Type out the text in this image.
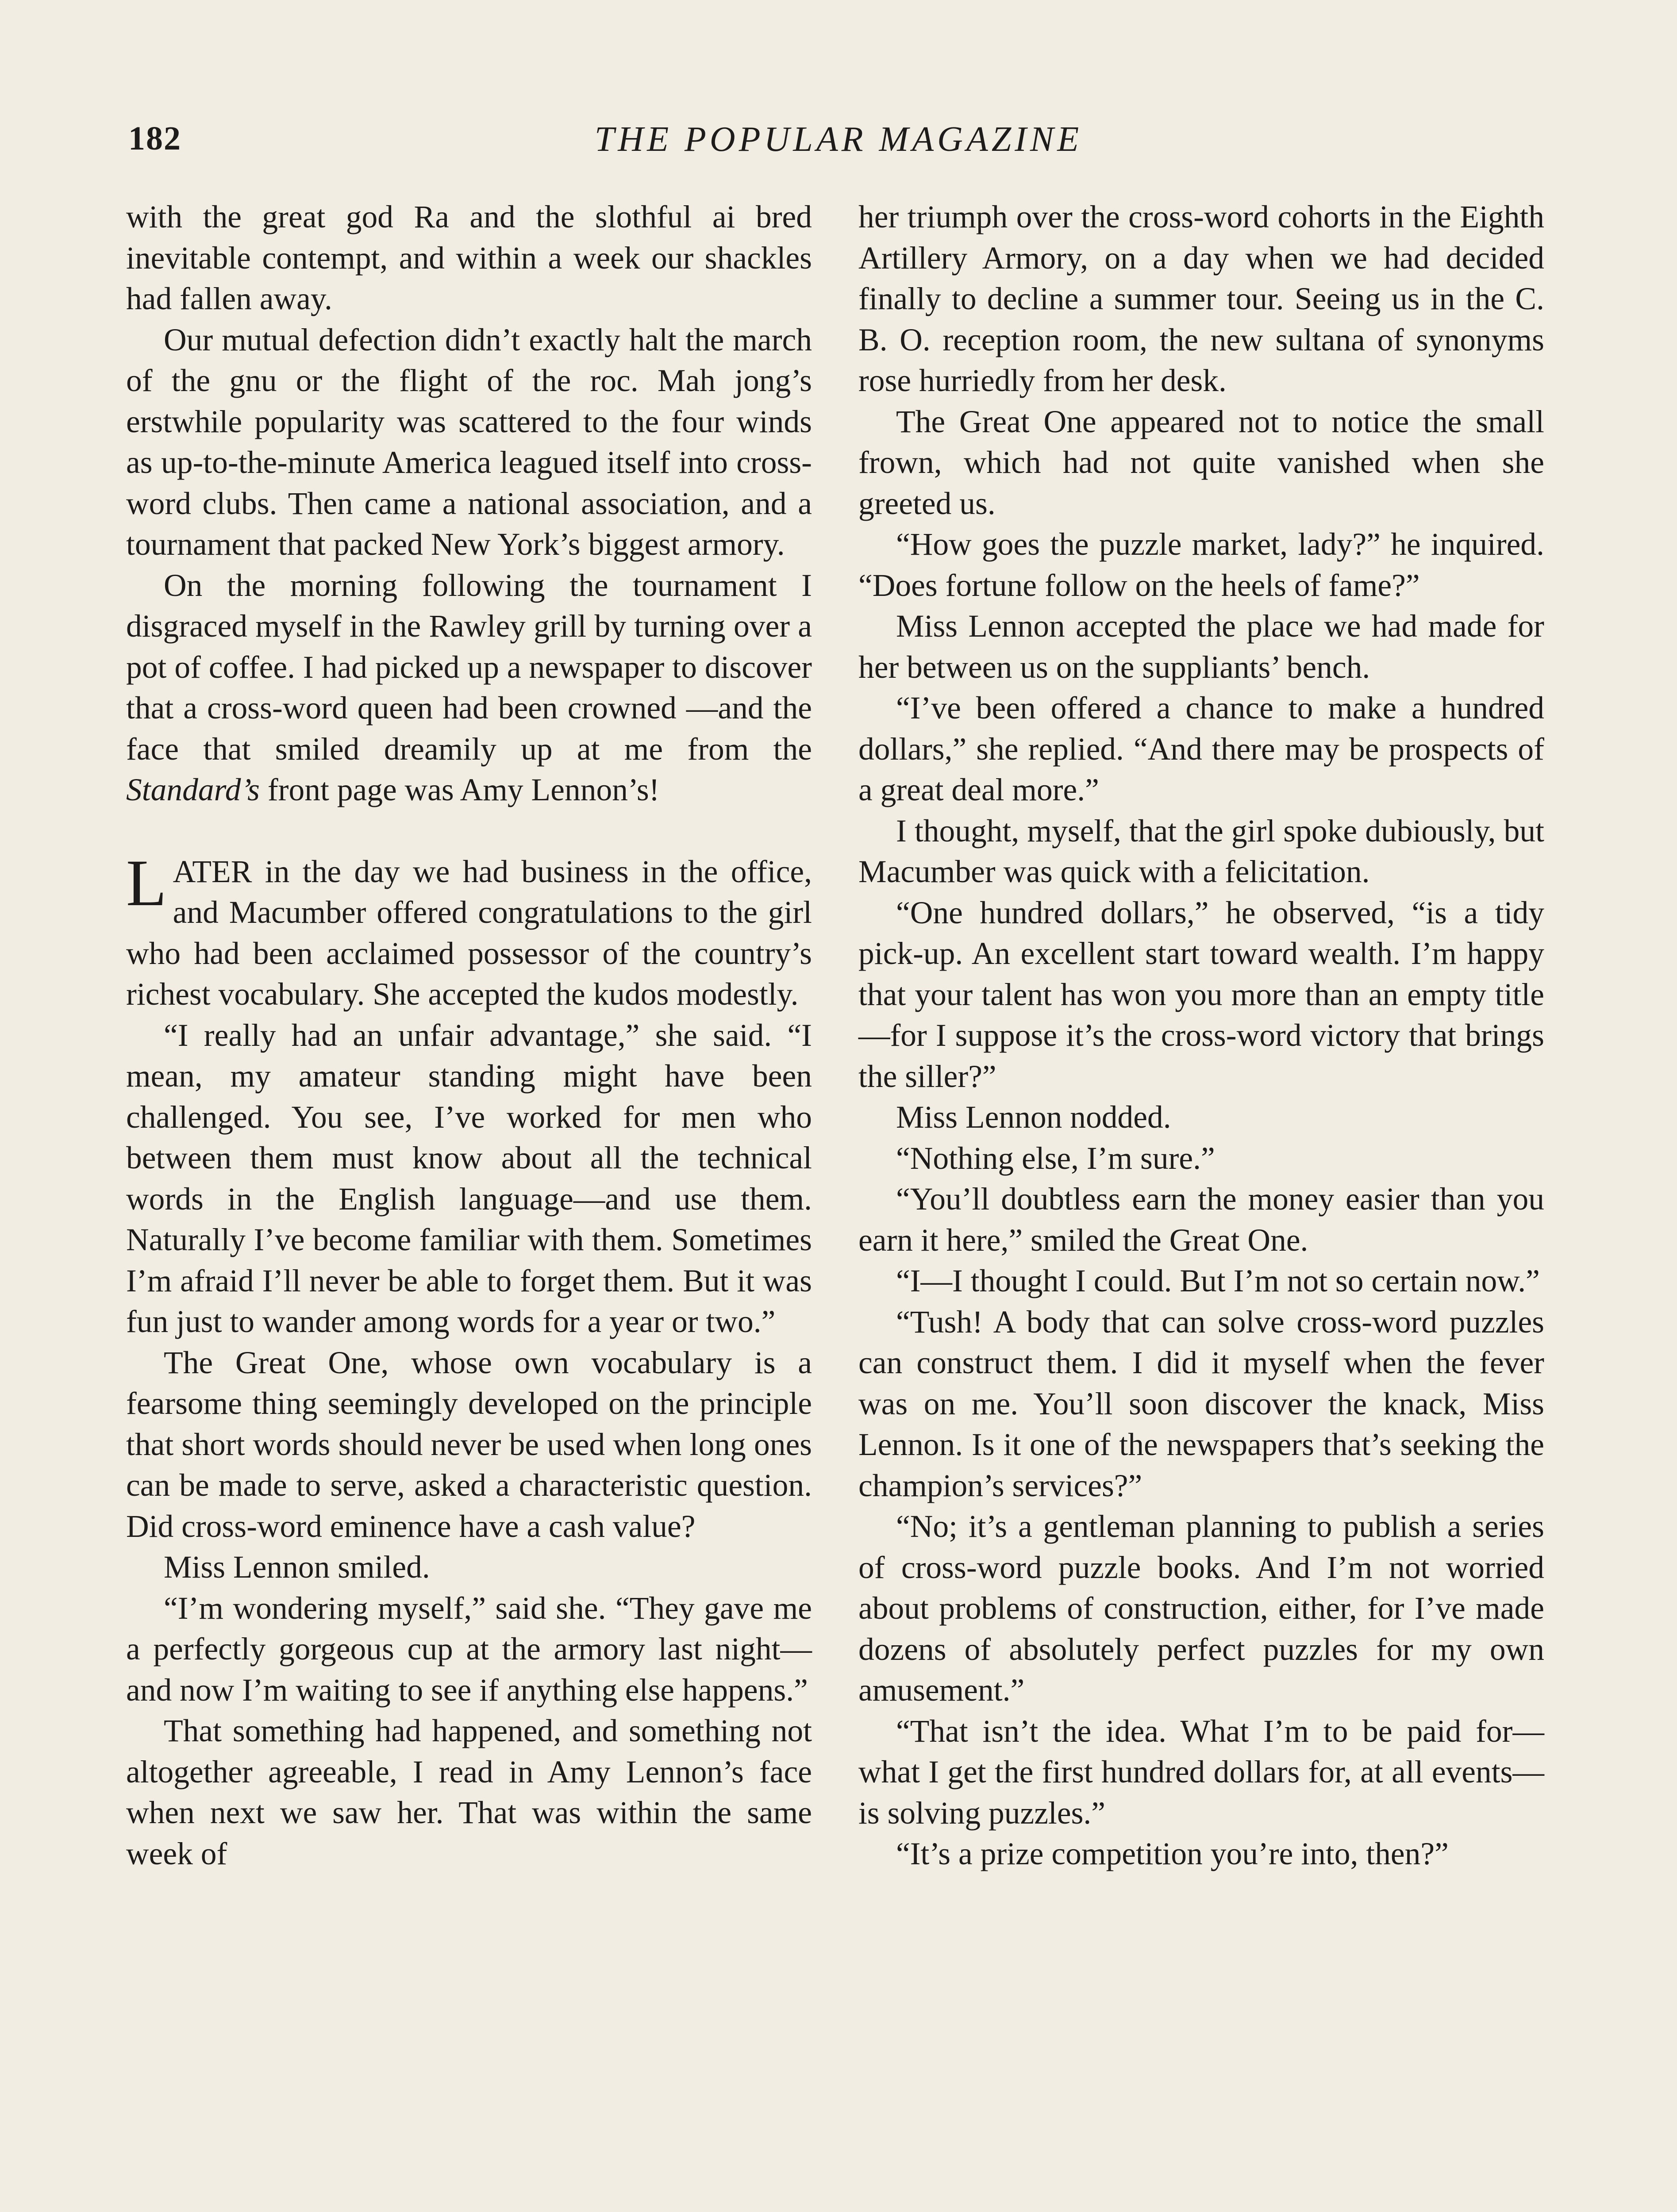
182	THE POPULAR MAGAZINE

with the great god Ra and the slothful ai bred inevitable contempt, and within a week our shackles had fallen away.

Our mutual defection didn’t exactly halt the march of the gnu or the flight of the roc. Mah jong’s erstwhile popularity was scattered to the four winds as up-to-the-minute America leagued itself into cross-word clubs. Then came a national association, and a tournament that packed New York’s biggest armory.

On the morning following the tournament I disgraced myself in the Rawley grill by turning over a pot of coffee. I had picked up a newspaper to discover that a cross-word queen had been crowned —and the face that smiled dreamily up at me from the Standard’s front page was Amy Lennon’s!

LATER in the day we had business in the office, and Macumber offered congratulations to the girl who had been acclaimed possessor of the country’s richest vocabulary. She accepted the kudos modestly.

“I really had an unfair advantage,” she said. “I mean, my amateur standing might have been challenged. You see, I’ve worked for men who between them must know about all the technical words in the English language—and use them. Naturally I’ve become familiar with them. Sometimes I’m afraid I’ll never be able to forget them. But it was fun just to wander among words for a year or two.”

The Great One, whose own vocabulary is a fearsome thing seemingly developed on the principle that short words should never be used when long ones can be made to serve, asked a characteristic question. Did cross-word eminence have a cash value?

Miss Lennon smiled.

“I’m wondering myself,” said she. “They gave me a perfectly gorgeous cup at the armory last night—and now I’m waiting to see if anything else happens.”

That something had happened, and something not altogether agreeable, I read in Amy Lennon’s face when next we saw her. That was within the same week of

her triumph over the cross-word cohorts in the Eighth Artillery Armory, on a day when we had decided finally to decline a summer tour. Seeing us in the C. B. O. reception room, the new sultana of synonyms rose hurriedly from her desk.

The Great One appeared not to notice the small frown, which had not quite vanished when she greeted us.

“How goes the puzzle market, lady?” he inquired. “Does fortune follow on the heels of fame?”

Miss Lennon accepted the place we had made for her between us on the suppliants’ bench.

“I’ve been offered a chance to make a hundred dollars,” she replied. “And there may be prospects of a great deal more.”

I thought, myself, that the girl spoke dubiously, but Macumber was quick with a felicitation.

“One hundred dollars,” he observed, “is a tidy pick-up. An excellent start toward wealth. I’m happy that your talent has won you more than an empty title—for I suppose it’s the cross-word victory that brings the siller?”

Miss Lennon nodded.

“Nothing else, I’m sure.”

“You’ll doubtless earn the money easier than you earn it here,” smiled the Great One.

“I—I thought I could. But I’m not so certain now.”

“Tush! A body that can solve cross-word puzzles can construct them. I did it myself when the fever was on me. You’ll soon discover the knack, Miss Lennon. Is it one of the newspapers that’s seeking the champion’s services?”

“No; it’s a gentleman planning to publish a series of cross-word puzzle books. And I’m not worried about problems of construction, either, for I’ve made dozens of absolutely perfect puzzles for my own amusement.”

“That isn’t the idea. What I’m to be paid for—what I get the first hundred dollars for, at all events—is solving puzzles.”

“It’s a prize competition you’re into, then?”
